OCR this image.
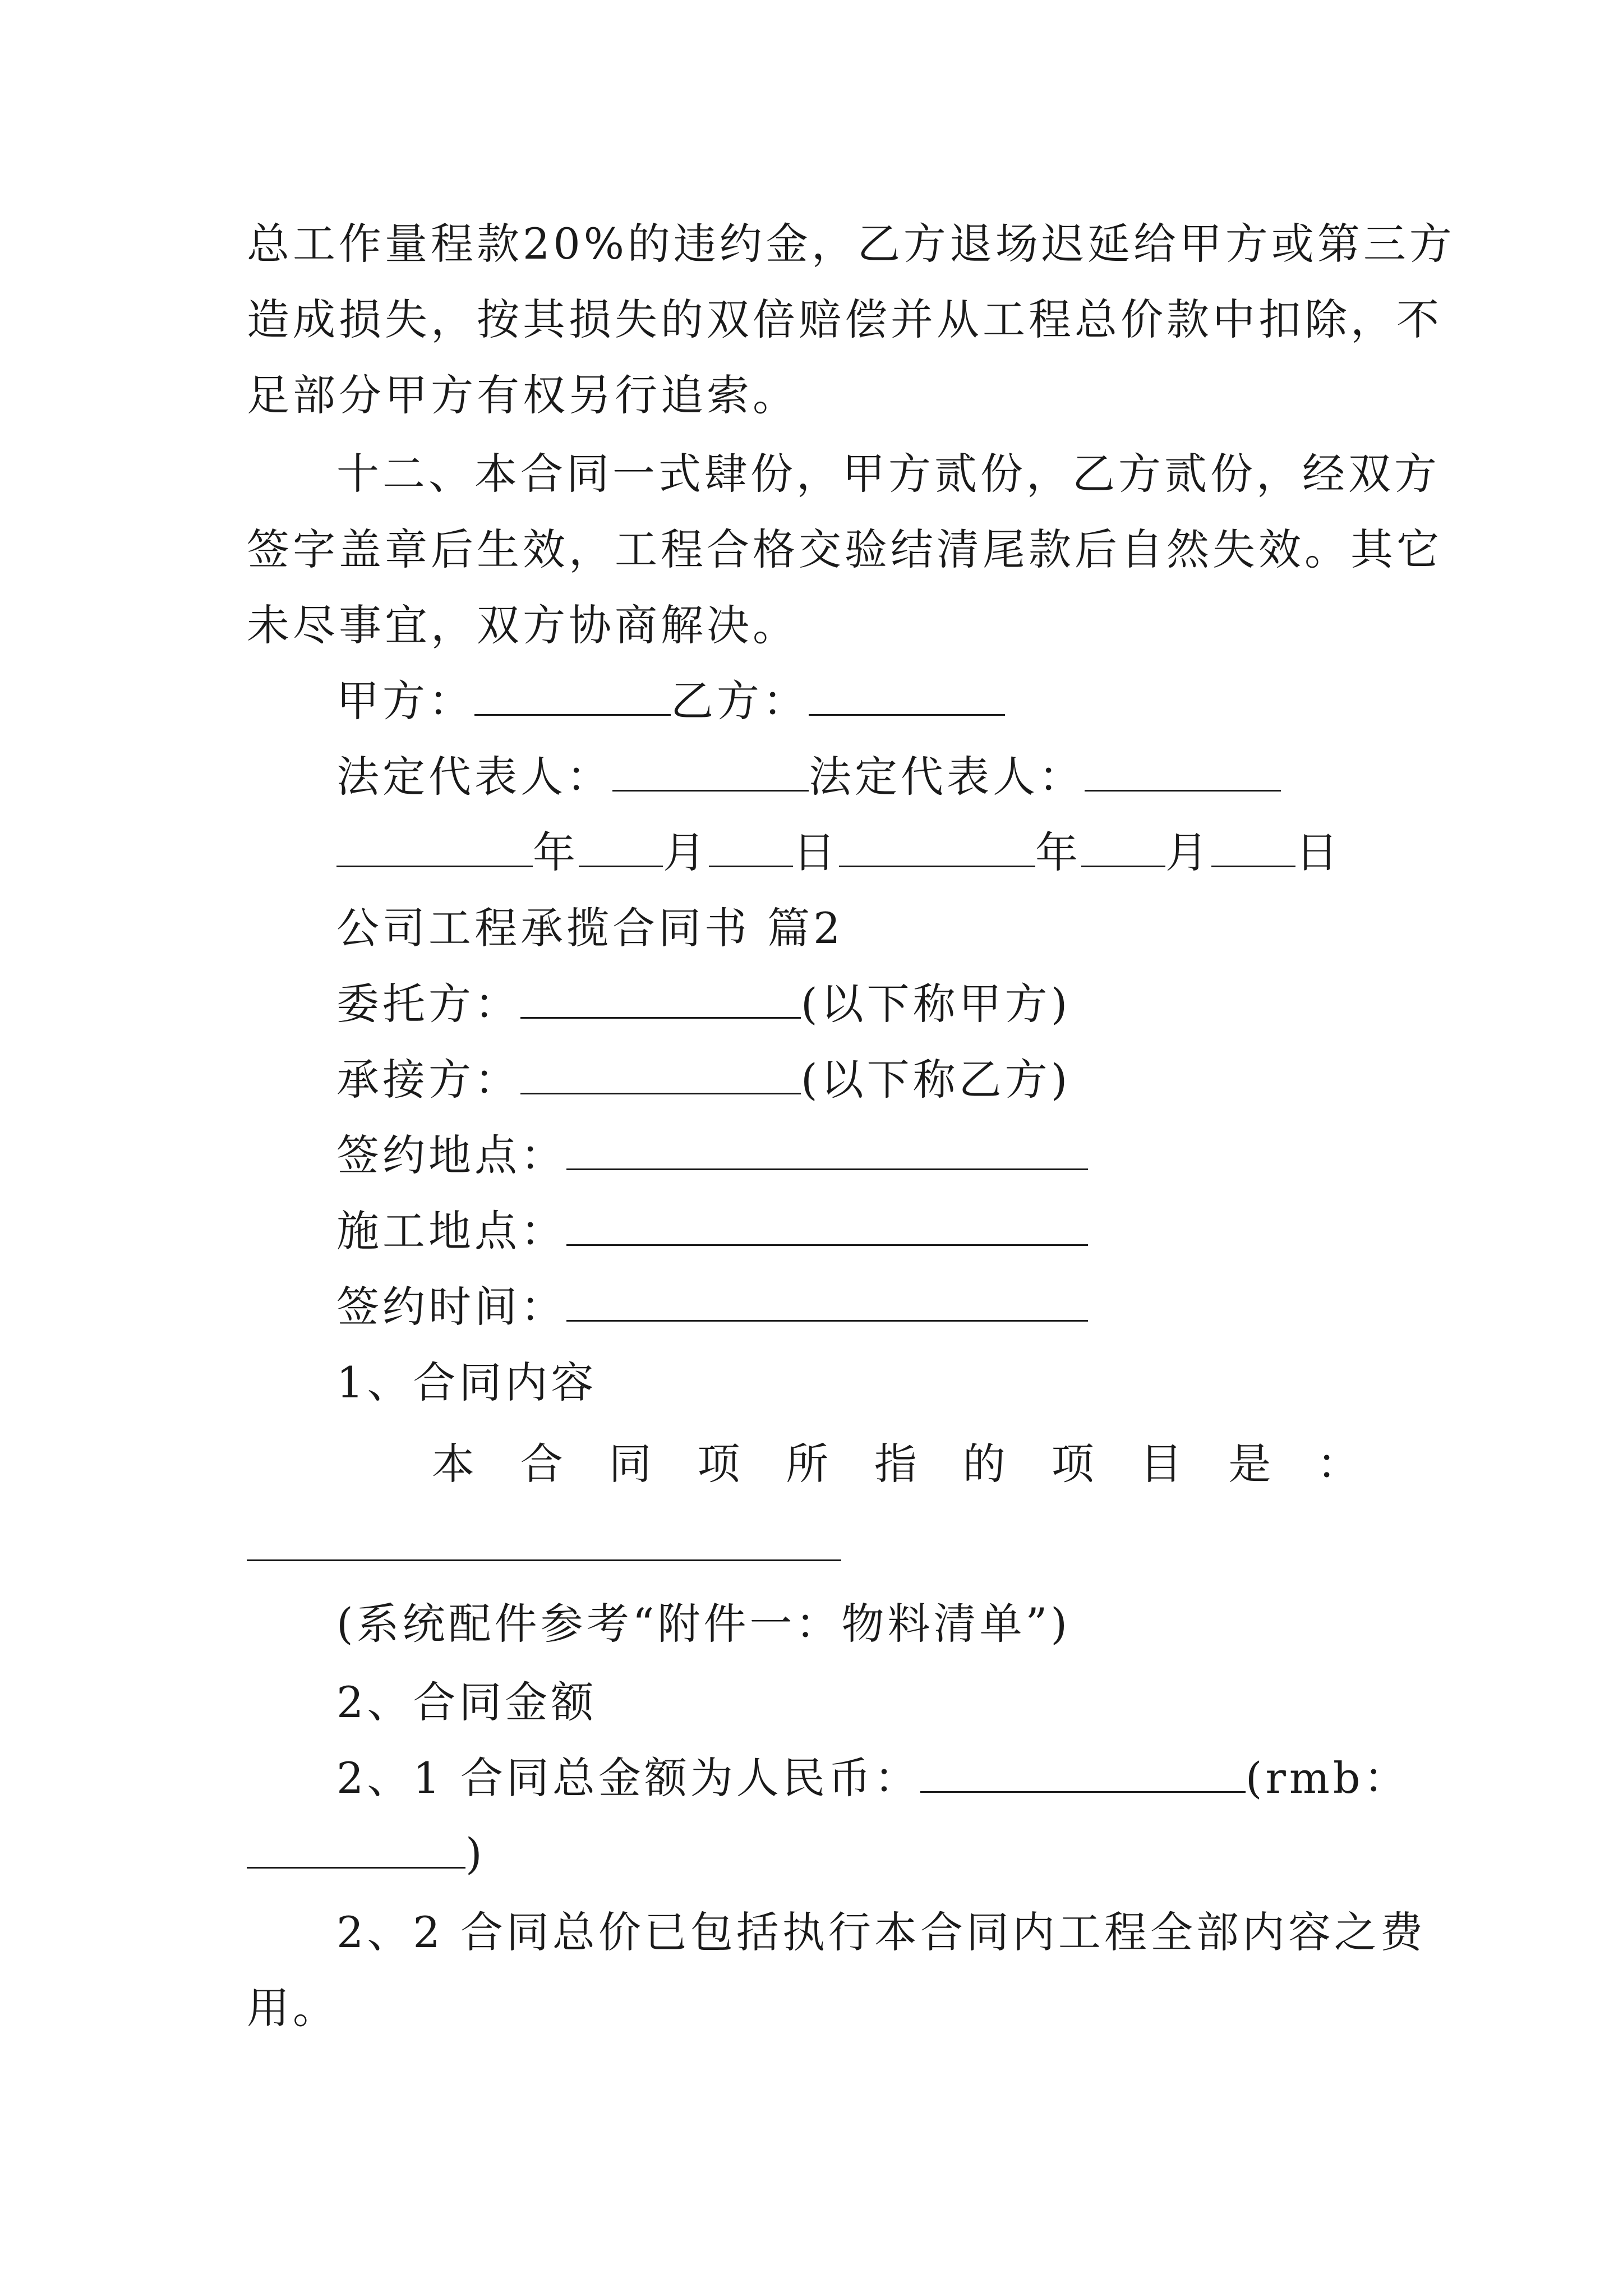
总工作量程款20%的违约金，乙方退场迟延给甲方或第三方
造成损失，按其损失的双倍赔偿并从工程总价款中扣除，不
足部分甲方有权另行追索。
十二、本合同一式肆份，甲方贰份，乙方贰份，经双方
签字盖章后生效，工程合格交验结清尾款后自然失效。其它
未尽事宜，双方协商解决。
甲方：	乙方：
法定代表人：	法定代表人：
年 月 日	年 月 日
公司工程承揽合同书 篇2
委托方：	(以下称甲方)
承接方：	(以下称乙方)
签约地点：
施工地点：
签约时间：
1、合同内容
本合同项所指的项目是：
(系统配件参考“附件一：物料清单”)
2、合同金额
2、1 合同总金额为人民币：	(rmb：
)
2、2 合同总价已包括执行本合同内工程全部内容之费
用。
